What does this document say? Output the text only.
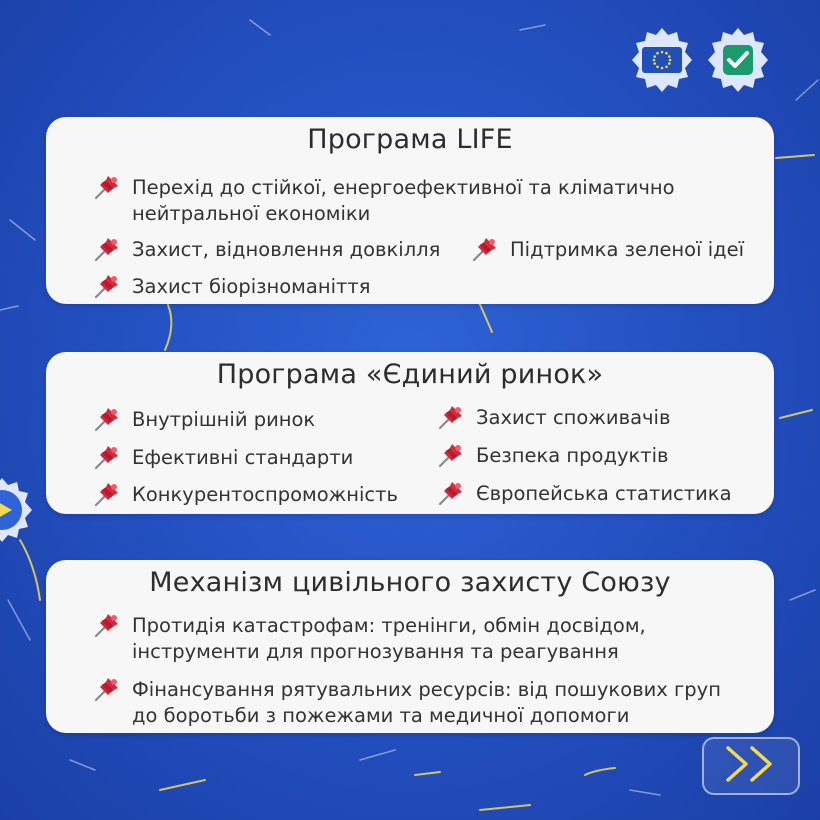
Програма LIFE
Перехід до стійкої, енергоефективної та кліматично
нейтральної економіки
Захист, відновлення довкілля	Підтримка зеленої ідеї
Захист біорізноманіття
Програма «Єдиний ринок»
Внутрішній ринок	Захист споживачів
Ефективні стандарти	Безпека продуктів
Конкурентоспроможність	Європейська статистика
Механізм цивільного захисту Союзу
Протидія катастрофам: тренінги, обмін досвідом,
інструменти для прогнозування та реагування
Фінансування рятувальних ресурсів: від пошукових груп
до боротьби з пожежами та медичної допомоги
